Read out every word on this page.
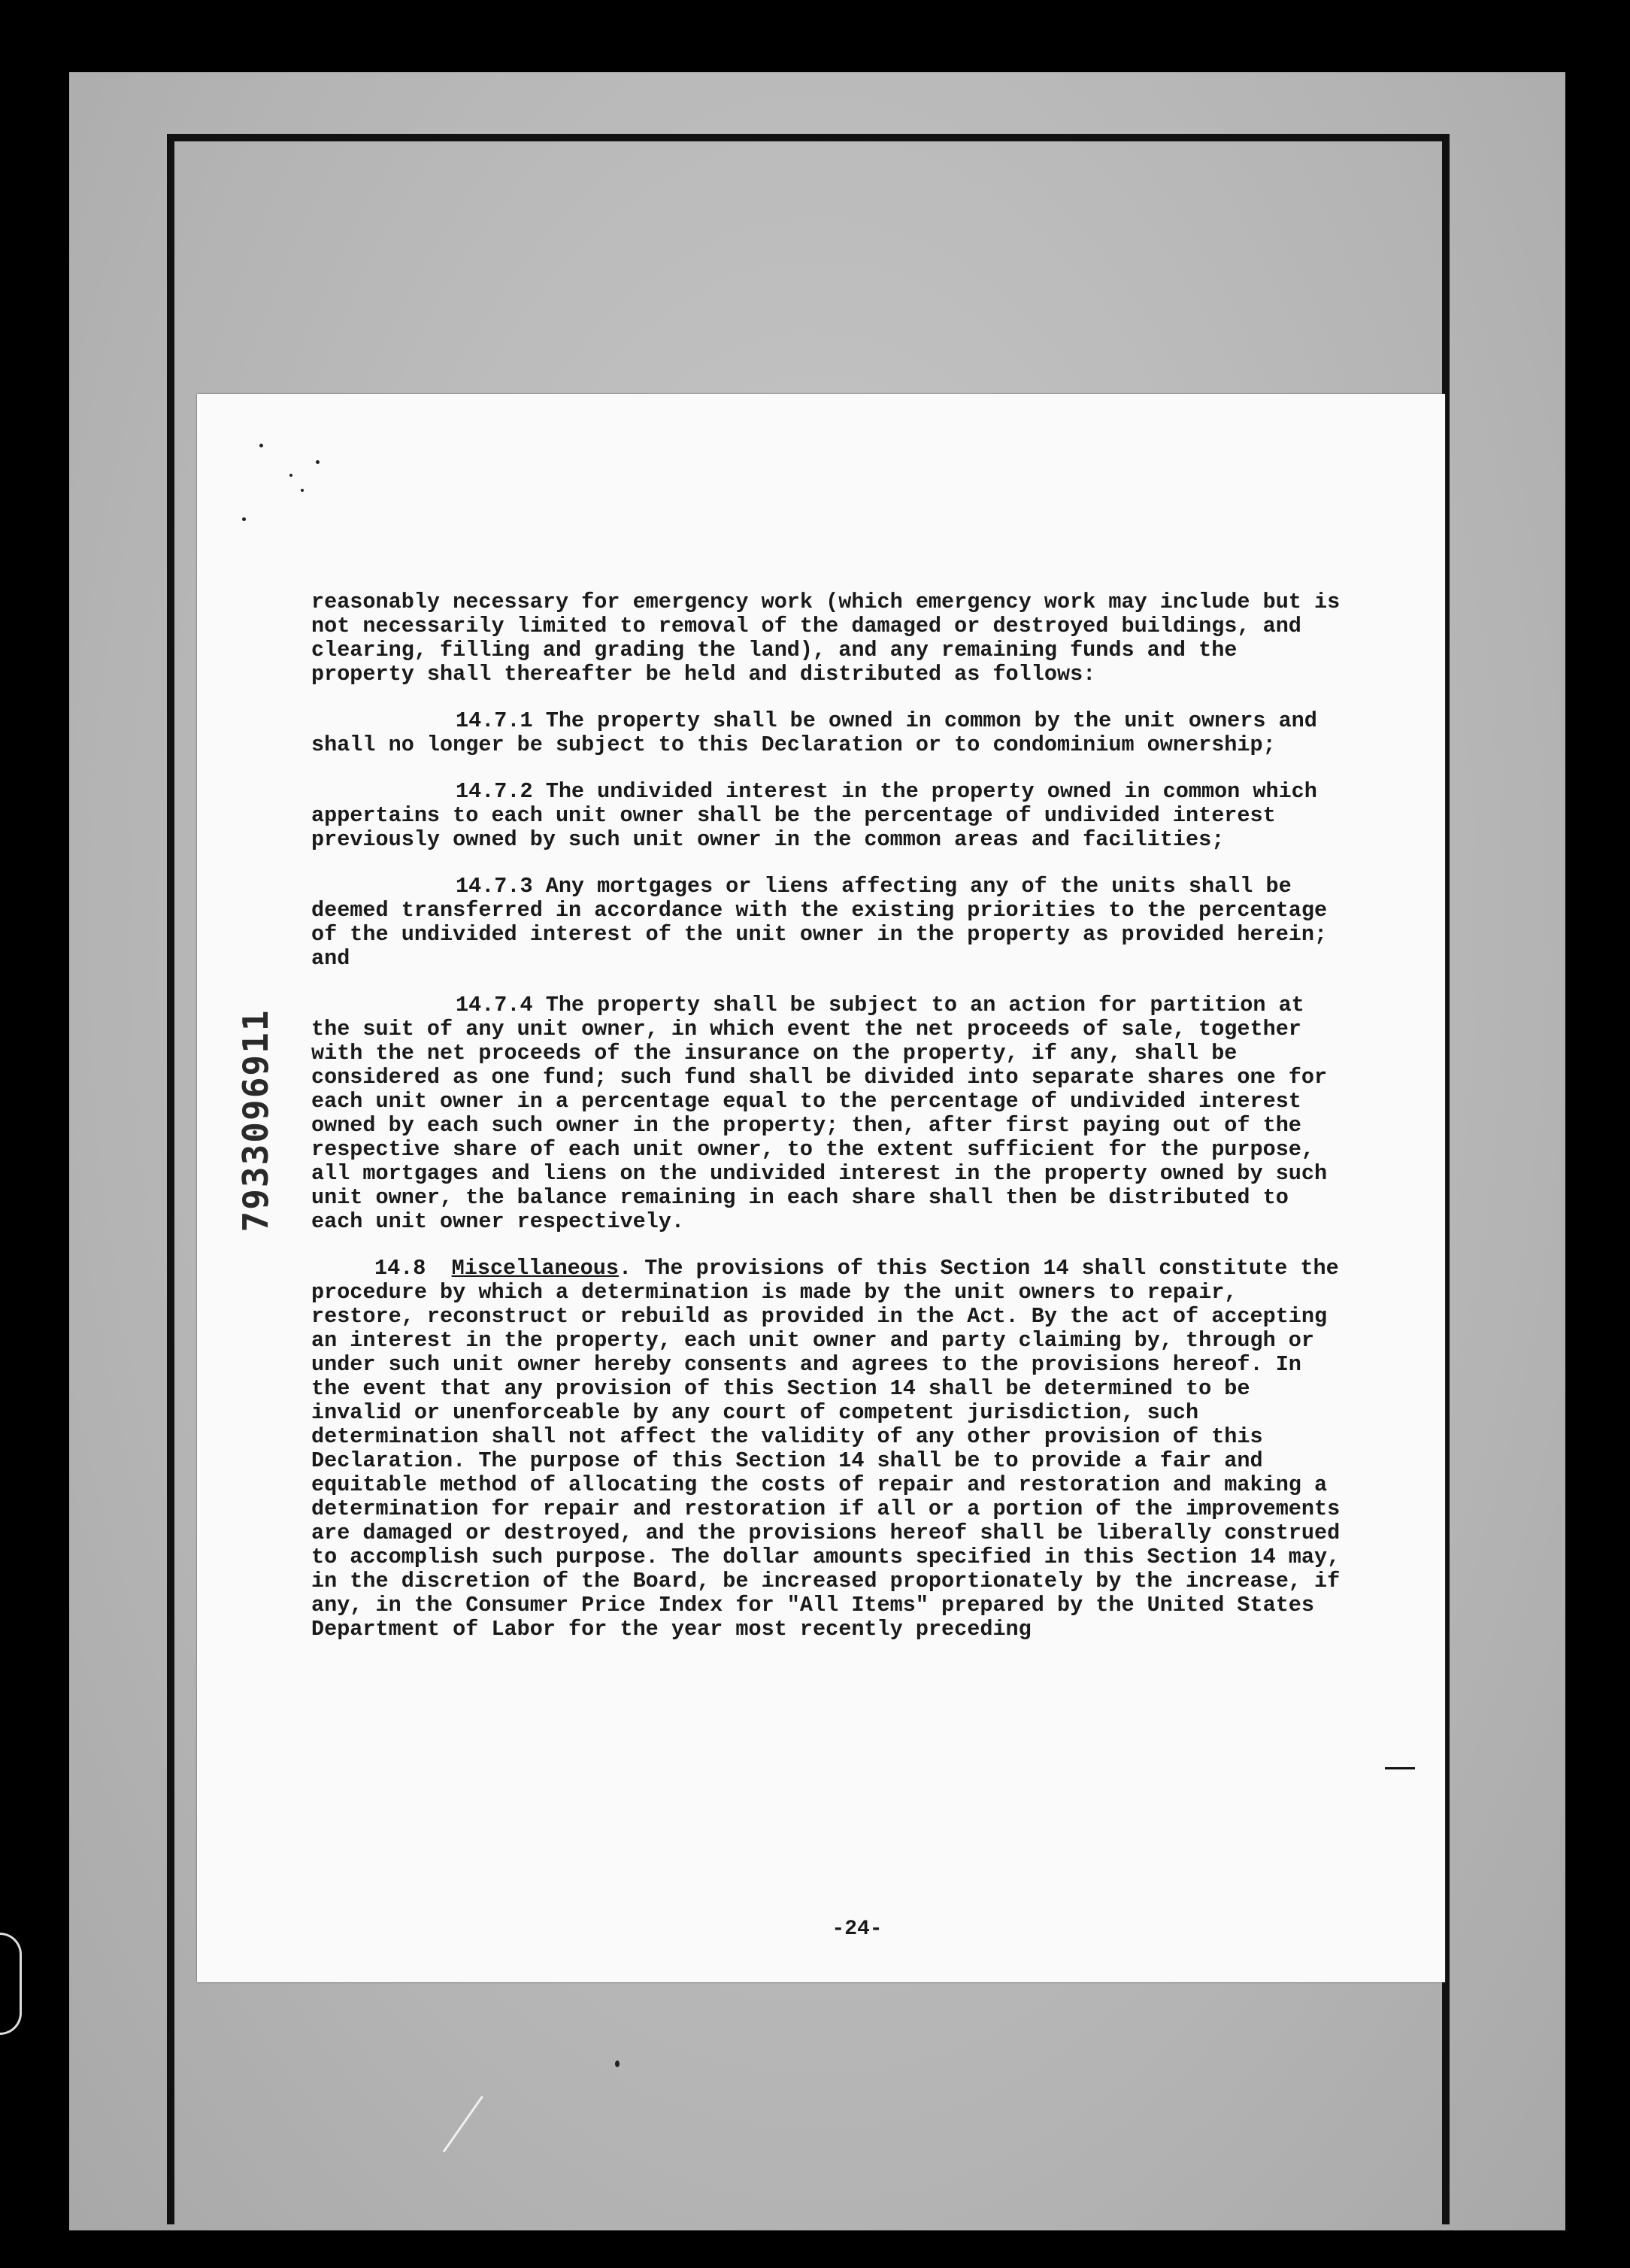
7933096911

reasonably necessary for emergency work (which emergency work may include but is not necessarily limited to removal of the damaged or destroyed buildings, and clearing, filling and grading the land), and any remaining funds and the property shall thereafter be held and distributed as follows:

14.7.1 The property shall be owned in common by the unit owners and shall no longer be subject to this Declaration or to condominium ownership;

14.7.2 The undivided interest in the property owned in common which appertains to each unit owner shall be the percentage of undivided interest previously owned by such unit owner in the common areas and facilities;

14.7.3 Any mortgages or liens affecting any of the units shall be deemed transferred in accordance with the existing priorities to the percentage of the undivided interest of the unit owner in the property as provided herein; and

14.7.4 The property shall be subject to an action for partition at the suit of any unit owner, in which event the net proceeds of sale, together with the net proceeds of the insurance on the property, if any, shall be considered as one fund; such fund shall be divided into separate shares one for each unit owner in a percentage equal to the percentage of undivided interest owned by each such owner in the property; then, after first paying out of the respective share of each unit owner, to the extent sufficient for the purpose, all mortgages and liens on the undivided interest in the property owned by such unit owner, the balance remaining in each share shall then be distributed to each unit owner respectively.

14.8 Miscellaneous. The provisions of this Section 14 shall constitute the procedure by which a determination is made by the unit owners to repair, restore, reconstruct or rebuild as provided in the Act. By the act of accepting an interest in the property, each unit owner and party claiming by, through or under such unit owner hereby consents and agrees to the provisions hereof. In the event that any provision of this Section 14 shall be determined to be invalid or unenforceable by any court of competent jurisdiction, such determination shall not affect the validity of any other provision of this Declaration. The purpose of this Section 14 shall be to provide a fair and equitable method of allocating the costs of repair and restoration and making a determination for repair and restoration if all or a portion of the improvements are damaged or destroyed, and the provisions hereof shall be liberally construed to accomplish such purpose. The dollar amounts specified in this Section 14 may, in the discretion of the Board, be increased proportionately by the increase, if any, in the Consumer Price Index for "All Items" prepared by the United States Department of Labor for the year most recently preceding

-24-
